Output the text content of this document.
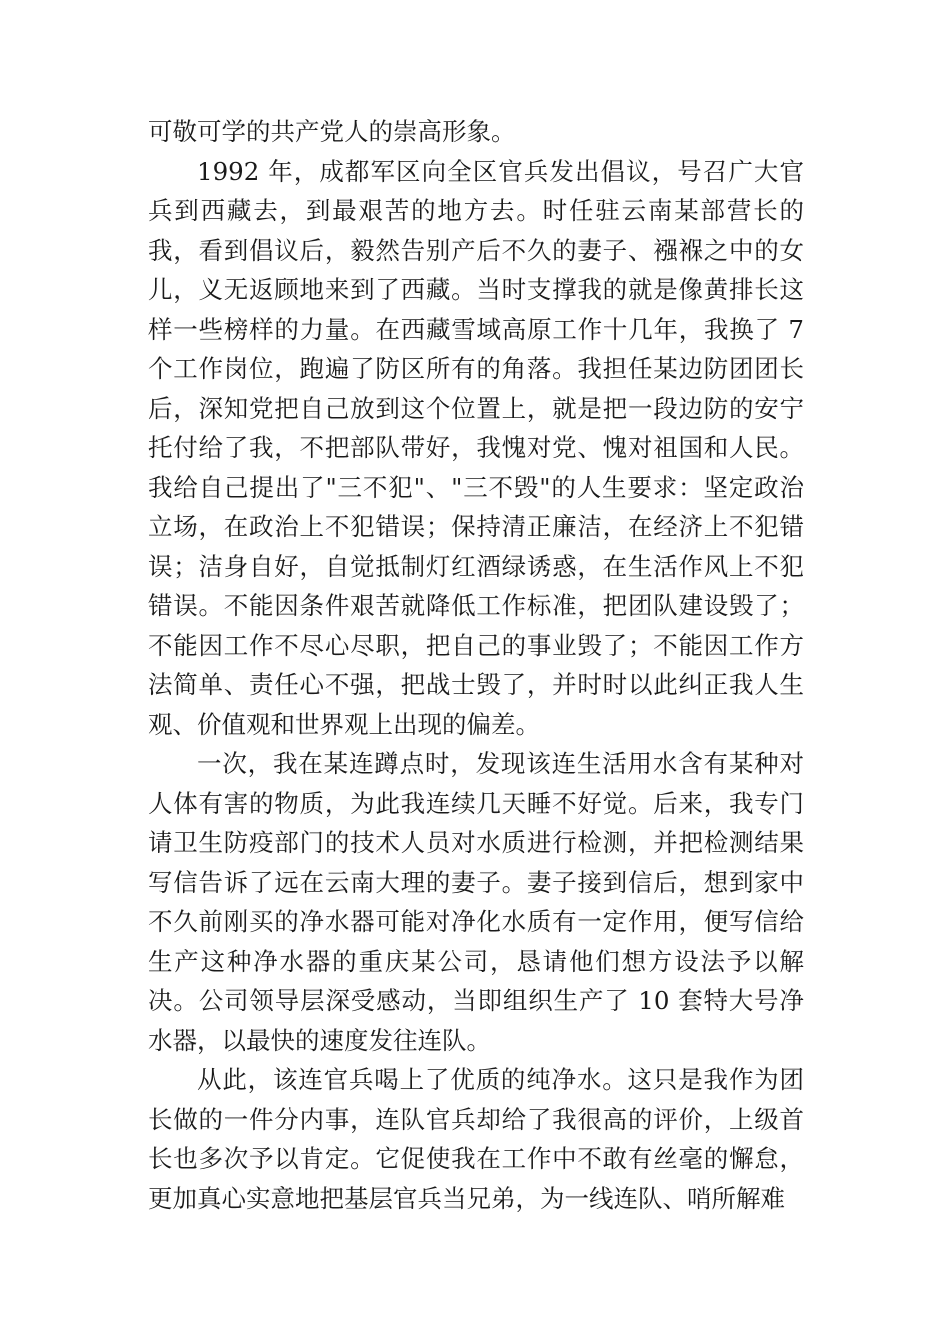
可敬可学的共产党人的崇高形象。

1992 年，成都军区向全区官兵发出倡议，号召广大官兵到西藏去，到最艰苦的地方去。时任驻云南某部营长的我，看到倡议后，毅然告别产后不久的妻子、襁褓之中的女儿，义无返顾地来到了西藏。当时支撑我的就是像黄排长这样一些榜样的力量。在西藏雪域高原工作十几年，我换了 7 个工作岗位，跑遍了防区所有的角落。我担任某边防团团长后，深知党把自己放到这个位置上，就是把一段边防的安宁托付给了我，不把部队带好，我愧对党、愧对祖国和人民。我给自己提出了"三不犯"、"三不毁"的人生要求：坚定政治立场，在政治上不犯错误；保持清正廉洁，在经济上不犯错误；洁身自好，自觉抵制灯红酒绿诱惑，在生活作风上不犯错误。不能因条件艰苦就降低工作标准，把团队建设毁了；不能因工作不尽心尽职，把自己的事业毁了；不能因工作方法简单、责任心不强，把战士毁了，并时时以此纠正我人生观、价值观和世界观上出现的偏差。

一次，我在某连蹲点时，发现该连生活用水含有某种对人体有害的物质，为此我连续几天睡不好觉。后来，我专门请卫生防疫部门的技术人员对水质进行检测，并把检测结果写信告诉了远在云南大理的妻子。妻子接到信后，想到家中不久前刚买的净水器可能对净化水质有一定作用，便写信给生产这种净水器的重庆某公司，恳请他们想方设法予以解决。公司领导层深受感动，当即组织生产了 10 套特大号净水器，以最快的速度发往连队。

从此，该连官兵喝上了优质的纯净水。这只是我作为团长做的一件分内事，连队官兵却给了我很高的评价，上级首长也多次予以肯定。它促使我在工作中不敢有丝毫的懈怠，更加真心实意地把基层官兵当兄弟，为一线连队、哨所解难
